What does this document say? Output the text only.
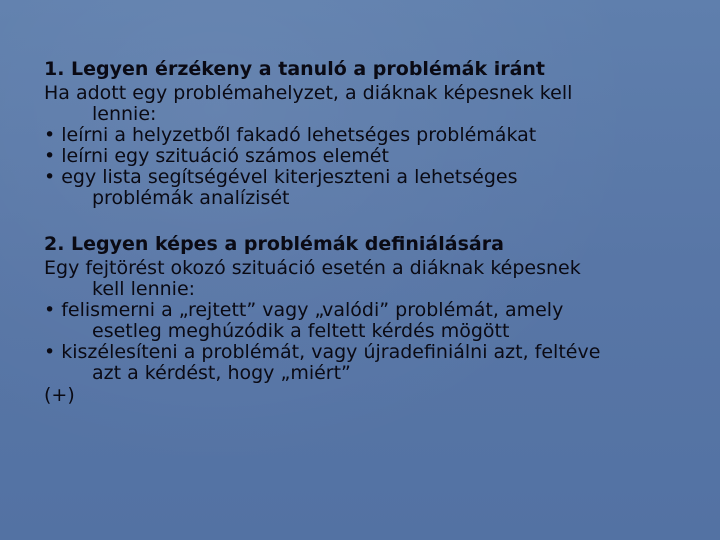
1. Legyen érzékeny a tanuló a problémák iránt

Ha adott egy problémahelyzet, a diáknak képesnek kell

lennie:

• leírni a helyzetből fakadó lehetséges problémákat

• leírni egy szituáció számos elemét

• egy lista segítségével kiterjeszteni a lehetséges

problémák analízisét

2. Legyen képes a problémák definiálására

Egy fejtörést okozó szituáció esetén a diáknak képesnek

kell lennie:

• felismerni a „rejtett” vagy „valódi” problémát, amely

esetleg meghúzódik a feltett kérdés mögött

• kiszélesíteni a problémát, vagy újradefiniálni azt, feltéve

azt a kérdést, hogy „miért”

(+)
